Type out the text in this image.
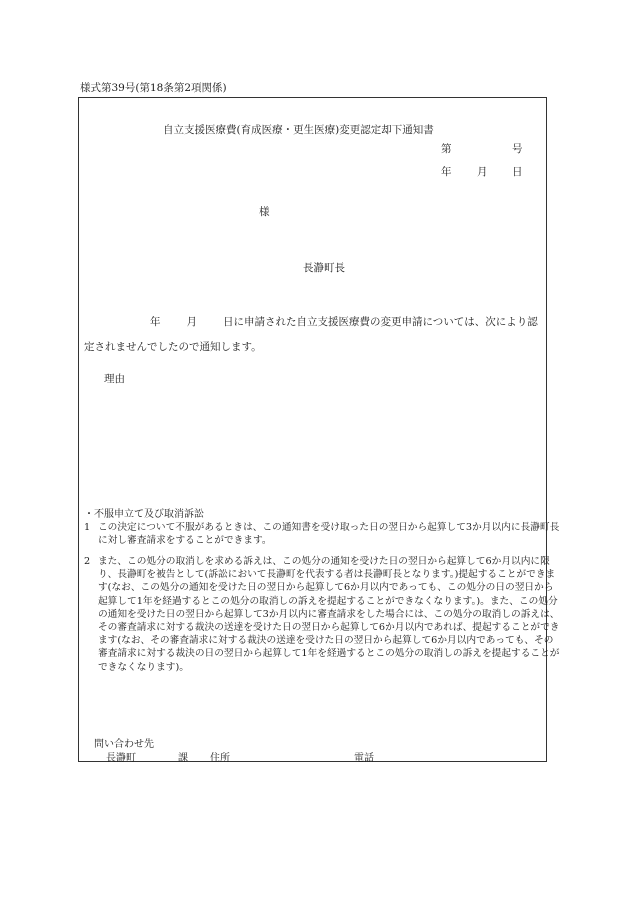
様式第39号(第18条第2項関係)
自立支援医療費(育成医療・更生医療)変更認定却下通知書
第	号
年 月 日
様
長瀞町長
年 月 日に申請された自立支援医療費の変更申請については、次により認定されませんでしたので通知します。
理由
・不服申立て及び取消訴訟
1 この決定について不服があるときは、この通知書を受け取った日の翌日から起算して3か月以内に長瀞町長に対し審査請求をすることができます。
2 また、この処分の取消しを求める訴えは、この処分の通知を受けた日の翌日から起算して6か月以内に限り、長瀞町を被告として(訴訟において長瀞町を代表する者は長瀞町長となります。)提起することができます(なお、この処分の通知を受けた日の翌日から起算して6か月以内であっても、この処分の日の翌日から起算して1年を経過するとこの処分の取消しの訴えを提起することができなくなります。)。また、この処分の通知を受けた日の翌日から起算して3か月以内に審査請求をした場合には、この処分の取消しの訴えは、その審査請求に対する裁決の送達を受けた日の翌日から起算して6か月以内であれば、提起することができます(なお、その審査請求に対する裁決の送達を受けた日の翌日から起算して6か月以内であっても、その審査請求に対する裁決の日の翌日から起算して1年を経過するとこの処分の取消しの訴えを提起することができなくなります)。
問い合わせ先
長瀞町	課 住所	電話
